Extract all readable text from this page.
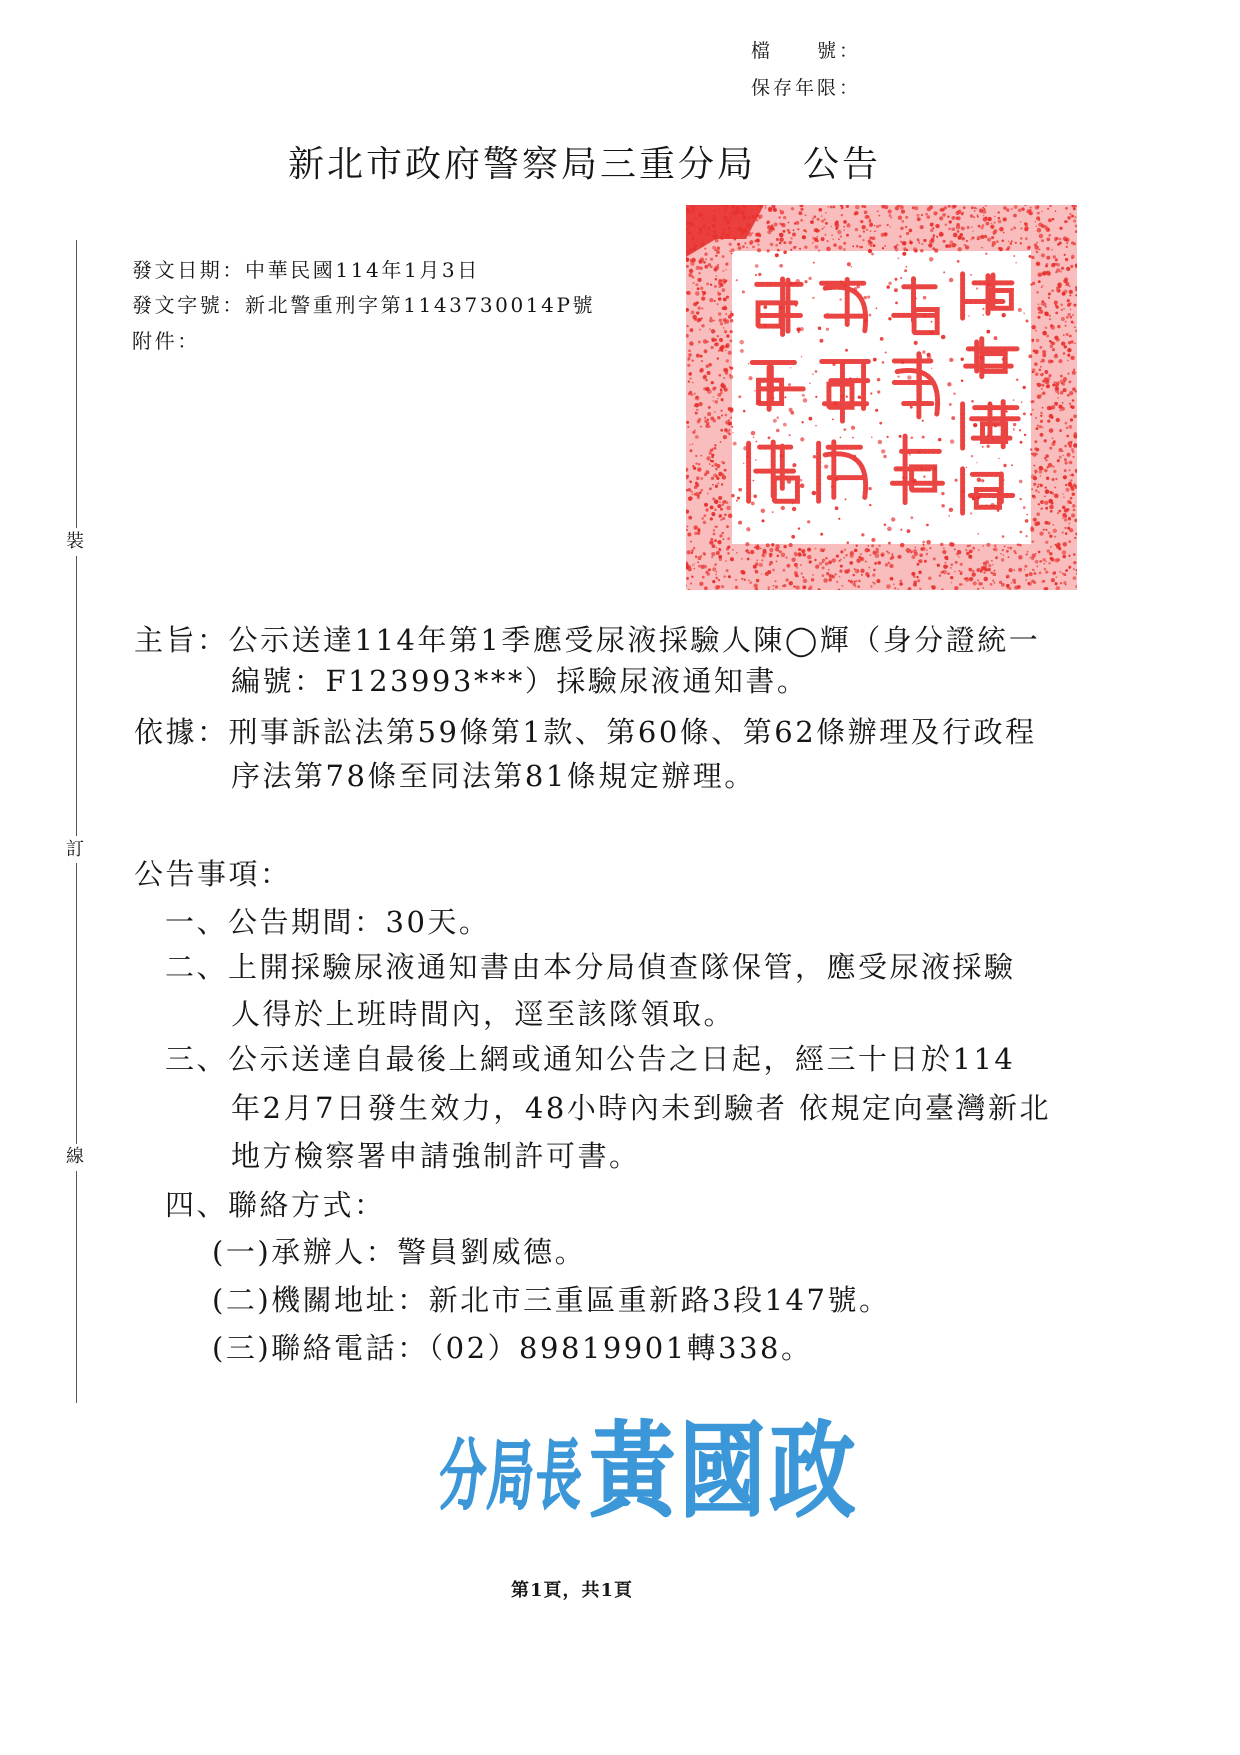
檔　　號：
保存年限：
新北市政府警察局三重分局 公告
裝
訂
線
發文日期：中華民國114年1月3日
發文字號：新北警重刑字第1143730014P號
附件：
主旨：公示送達114年第1季應受尿液採驗人陳◯輝（身分證統一
編號：F123993***）採驗尿液通知書。
依據：刑事訴訟法第59條第1款、第60條、第62條辦理及行政程
序法第78條至同法第81條規定辦理。
公告事項：
一、公告期間：30天。
二、上開採驗尿液通知書由本分局偵查隊保管，應受尿液採驗
人得於上班時間內，逕至該隊領取。
三、公示送達自最後上網或通知公告之日起，經三十日於114
年2月7日發生效力，48小時內未到驗者 依規定向臺灣新北
地方檢察署申請強制許可書。
四、聯絡方式：
(一)承辦人：警員劉威德。
(二)機關地址：新北市三重區重新路3段147號。
(三)聯絡電話：（02）89819901轉338。
分局長 黃國政
第1頁，共1頁
